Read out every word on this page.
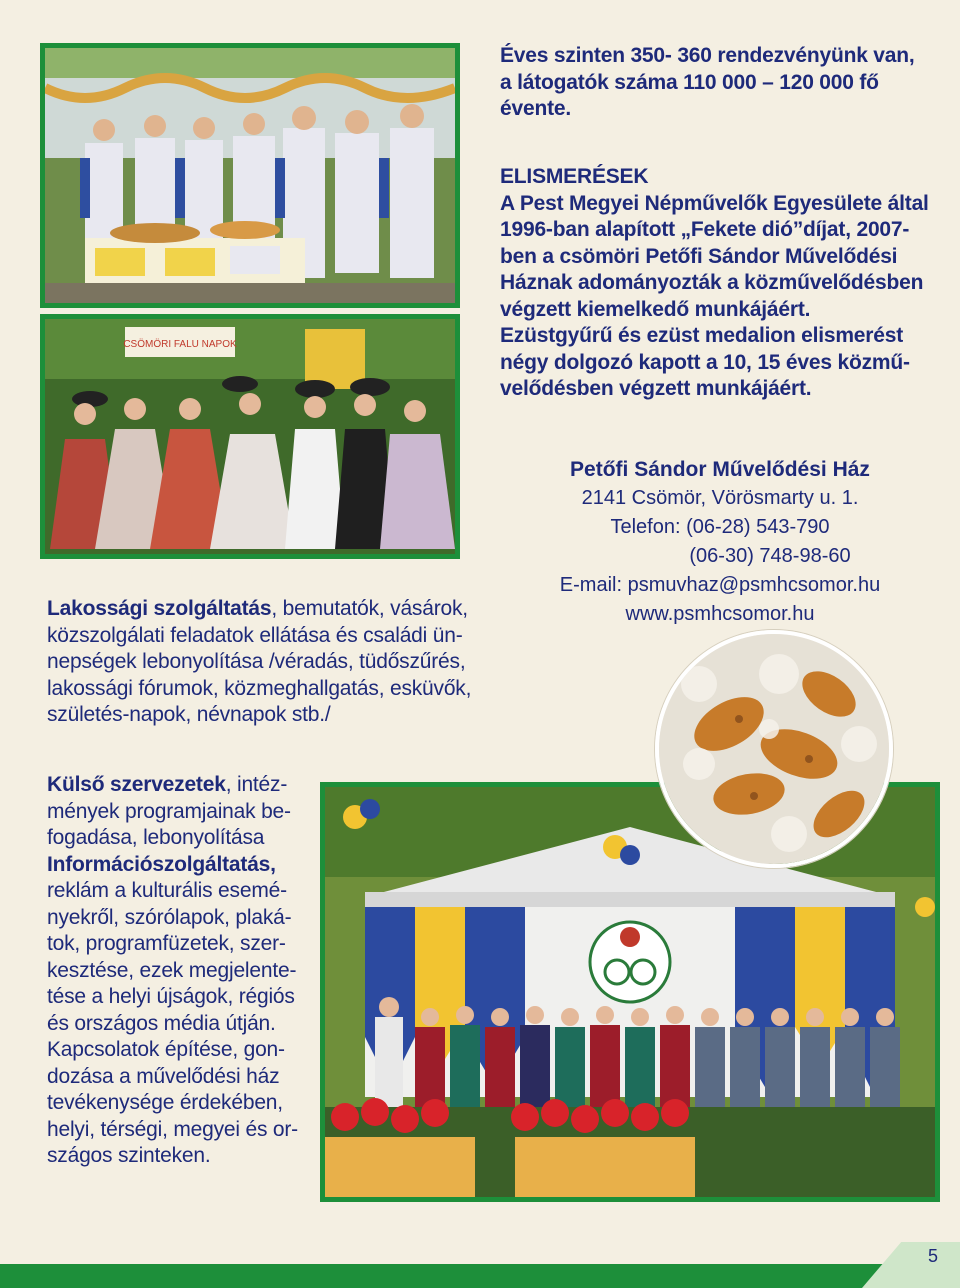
CSÖMÖRI FALU NAPOK
Éves szinten 350- 360 rendezvényünk van,
a látogatók száma 110 000 – 120 000 fő
évente.
ELISMERÉSEK
A Pest Megyei Népművelők Egyesülete által
1996-ban alapított „Fekete dió”díjat, 2007-
ben a csömöri Petőfi Sándor Művelődési
Háznak adományozták a közművelődésben
végzett kiemelkedő munkájáért.
Ezüstgyűrű és ezüst medalion elismerést
négy dolgozó kapott a 10, 15 éves közmű-
velődésben végzett munkájáért.
Petőfi Sándor Művelődési Ház
2141 Csömör, Vörösmarty u. 1.
Telefon: (06-28) 543-790
(06-30) 748-98-60
E-mail: psmuvhaz@psmhcsomor.hu
www.psmhcsomor.hu
Lakossági szolgáltatás, bemutatók, vásárok,
közszolgálati feladatok ellátása és családi ün-
nepségek lebonyolítása /véradás, tüdőszűrés,
lakossági fórumok, közmeghallgatás, esküvők,
születés-napok, névnapok stb./
Külső szervezetek, intéz-
mények programjainak be-
fogadása, lebonyolítása
Információszolgáltatás,
reklám a kulturális esemé-
nyekről, szórólapok, plaká-
tok, programfüzetek, szer-
kesztése, ezek megjelente-
tése a helyi újságok, régiós
és országos média útján.
Kapcsolatok építése, gon-
dozása a művelődési ház
tevékenysége érdekében,
helyi, térségi, megyei és or-
szágos szinteken.
5
